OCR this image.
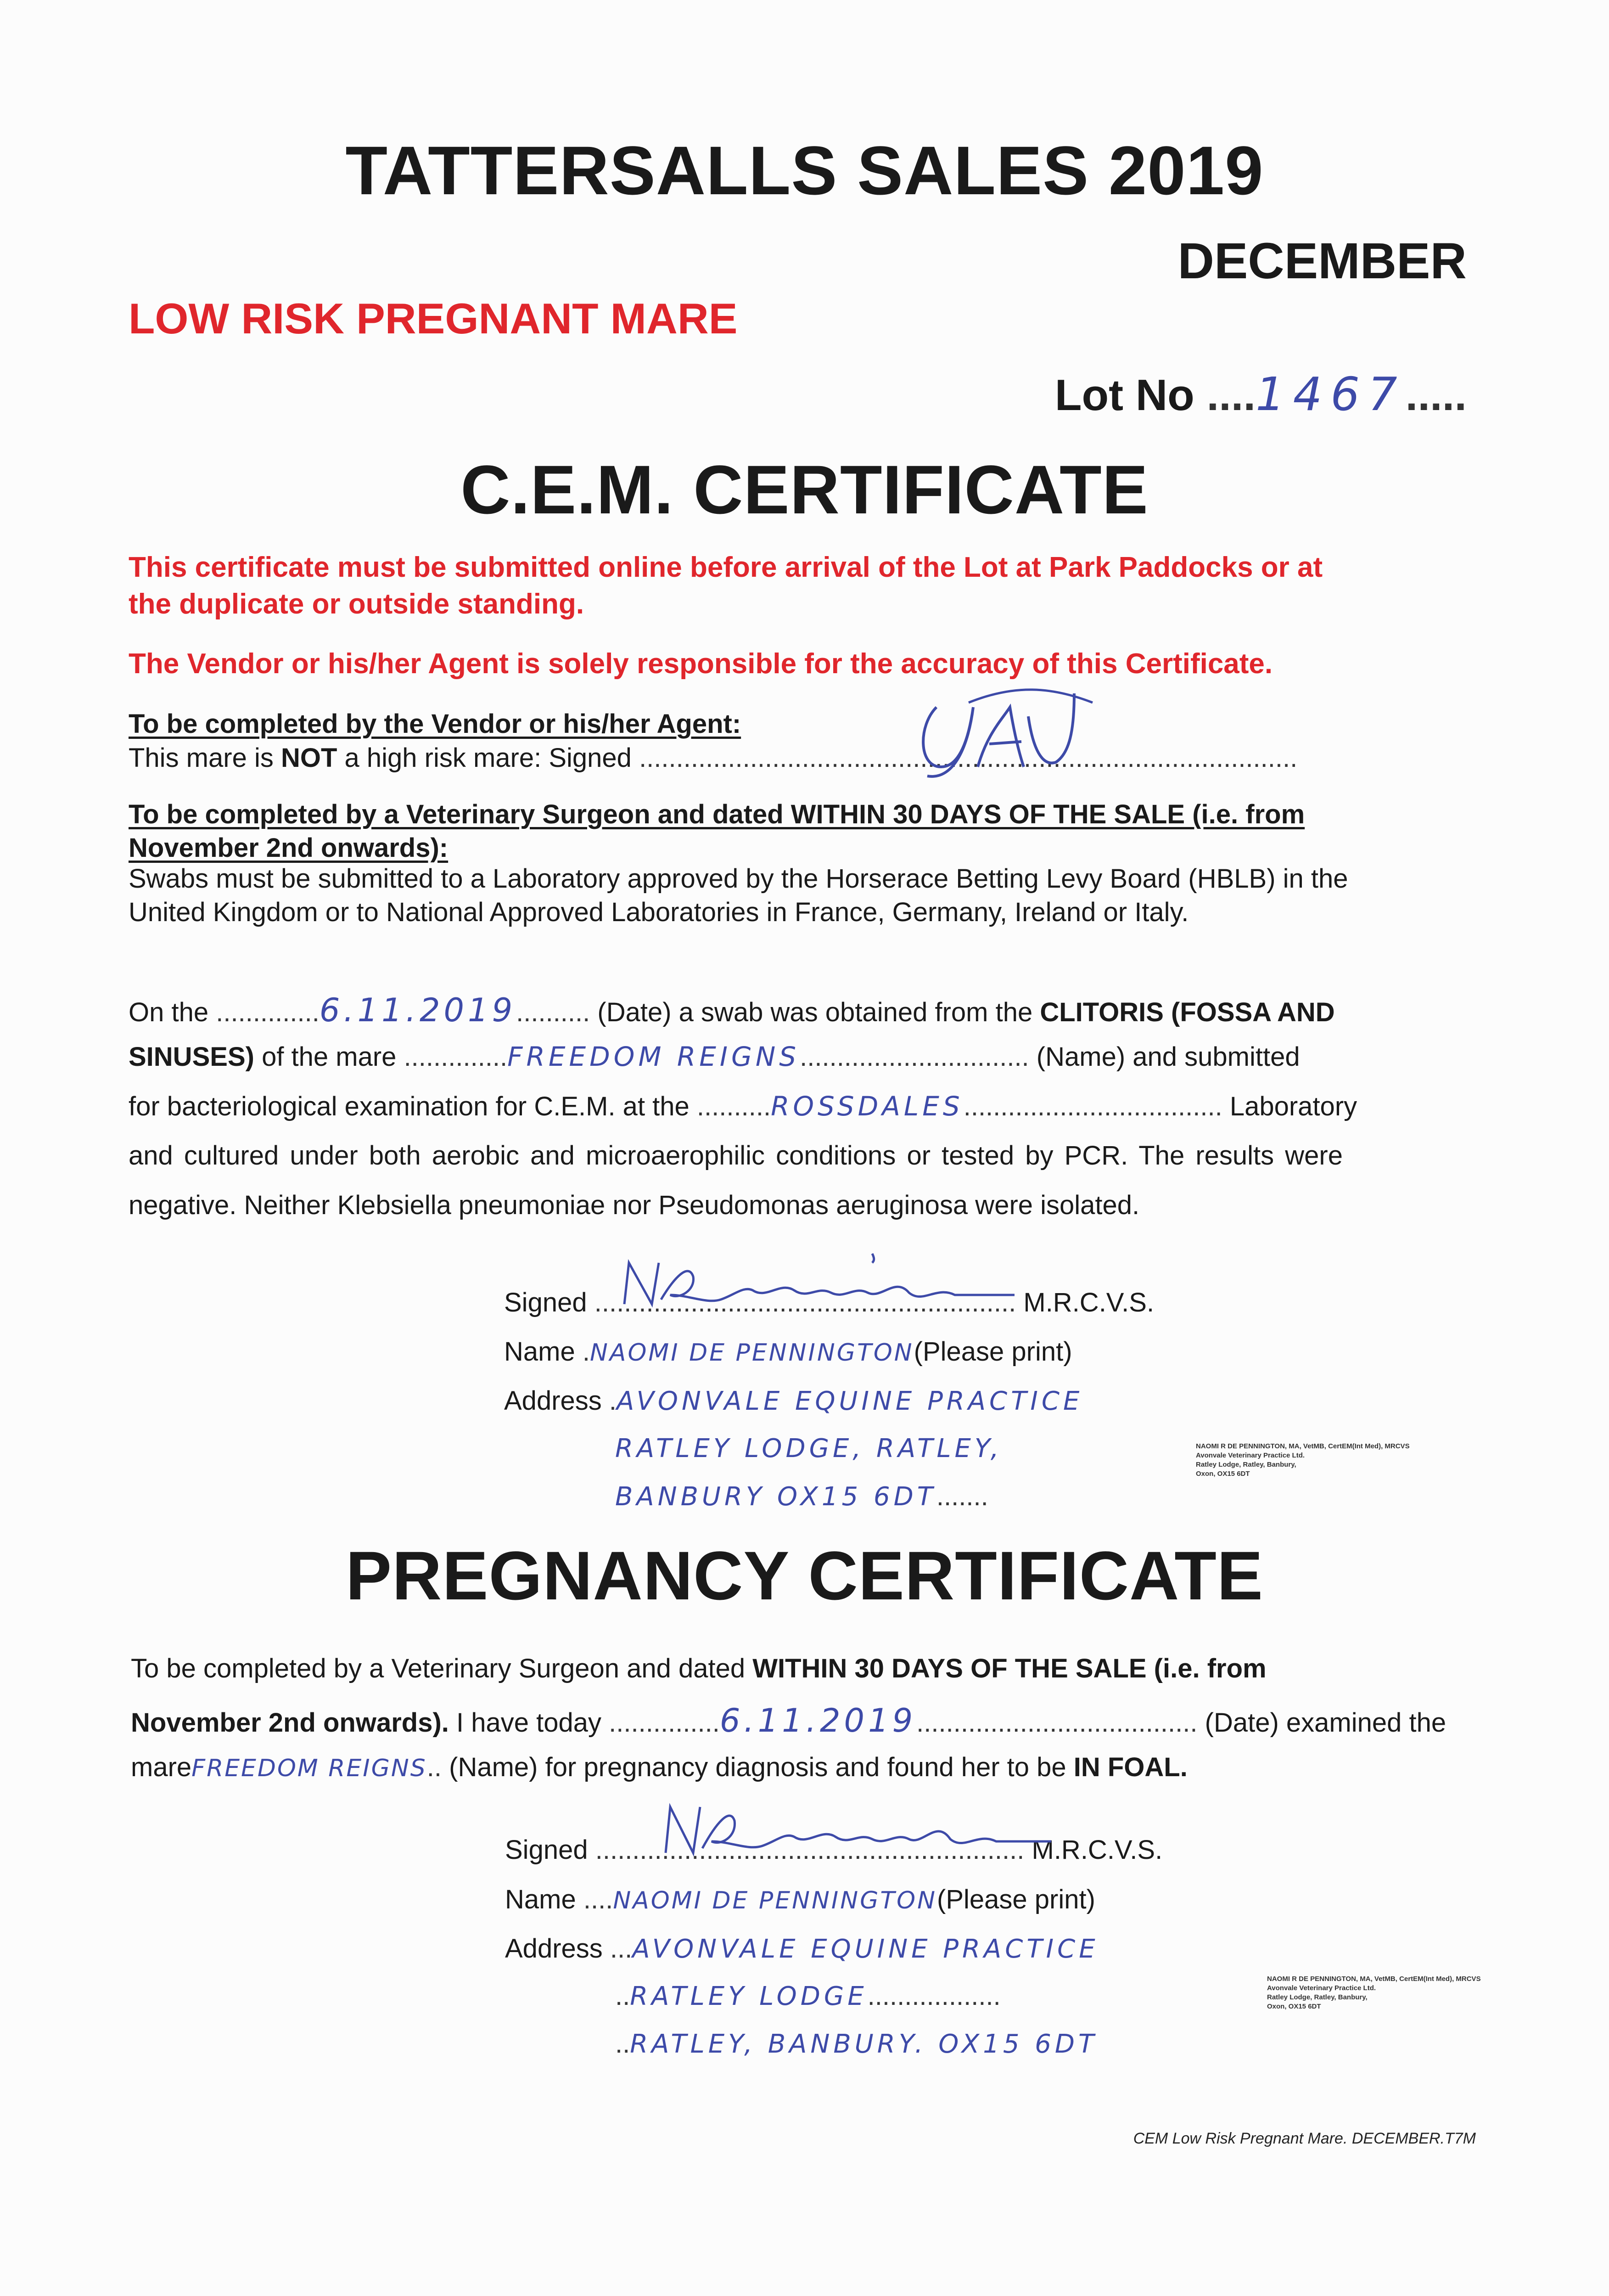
TATTERSALLS SALES 2019
DECEMBER
LOW RISK PREGNANT MARE
Lot No ....1467.....
C.E.M. CERTIFICATE
This certificate must be submitted online before arrival of the Lot at Park Paddocks or at
the duplicate or outside standing.
The Vendor or his/her Agent is solely responsible for the accuracy of this Certificate.
To be completed by the Vendor or his/her Agent:
This mare is NOT a high risk mare: Signed .........................................................................................
To be completed by a Veterinary Surgeon and dated WITHIN 30 DAYS OF THE SALE (i.e. from
November 2nd onwards):
Swabs must be submitted to a Laboratory approved by the Horserace Betting Levy Board (HBLB) in the
United Kingdom or to National Approved Laboratories in France, Germany, Ireland or Italy.
On the ..............6.11.2019.......... (Date) a swab was obtained from the CLITORIS (FOSSA AND
SINUSES) of the mare ..............FREEDOM REIGNS............................... (Name) and submitted
for bacteriological examination for C.E.M. at the ..........ROSSDALES................................... Laboratory
and cultured under both aerobic and microaerophilic conditions or tested by PCR. The results were
negative. Neither Klebsiella pneumoniae nor Pseudomonas aeruginosa were isolated.
Signed ......................................................... M.R.C.V.S.
Name .NAOMI DE PENNINGTON(Please print)
Address .AVONVALE EQUINE PRACTICE
RATLEY LODGE, RATLEY,
BANBURY OX15 6DT.......
NAOMI R DE PENNINGTON, MA, VetMB, CertEM(Int Med), MRCVS
Avonvale Veterinary Practice Ltd.
Ratley Lodge, Ratley, Banbury,
Oxon, OX15 6DT
PREGNANCY CERTIFICATE
To be completed by a Veterinary Surgeon and dated WITHIN 30 DAYS OF THE SALE (i.e. from
November 2nd onwards). I have today ...............6.11.2019...................................... (Date) examined the
mareFREEDOM REIGNS.. (Name) for pregnancy diagnosis and found her to be IN FOAL.
Signed .......................................................... M.R.C.V.S.
Name ....NAOMI DE PENNINGTON(Please print)
Address ...AVONVALE EQUINE PRACTICE
..RATLEY LODGE..................
..RATLEY, BANBURY. OX15 6DT
NAOMI R DE PENNINGTON, MA, VetMB, CertEM(Int Med), MRCVS
Avonvale Veterinary Practice Ltd.
Ratley Lodge, Ratley, Banbury,
Oxon, OX15 6DT
CEM Low Risk Pregnant Mare. DECEMBER.T7M
